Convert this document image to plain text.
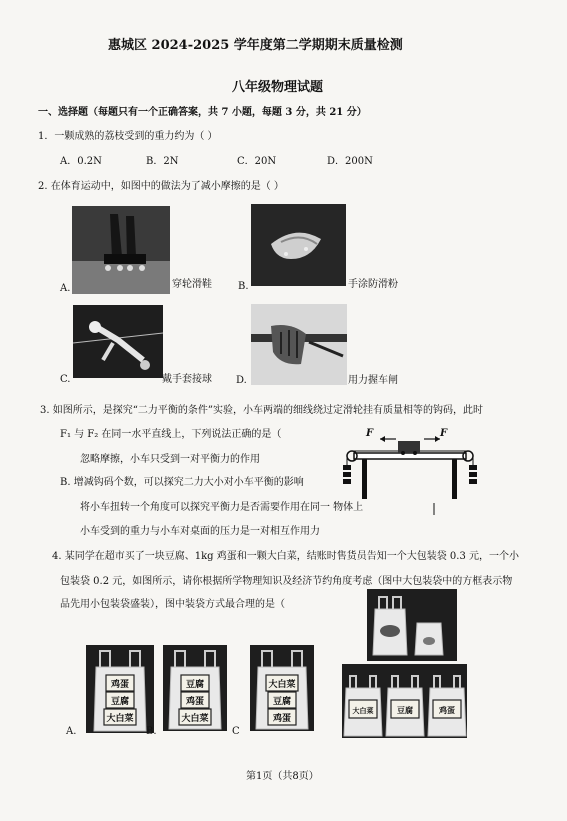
惠城区 2024-2025 学年度第二学期期末质量检测
八年级物理试题
一、选择题（每题只有一个正确答案，共 7 小题，每题 3 分，共 21 分）
1．一颗成熟的荔枝受到的重力约为（ ）
A．0.2N	B．2N	C．20N	D．200N
2. 在体育运动中，如图中的做法为了减小摩擦的是（ ）
A.	穿轮滑鞋	B.	手涂防滑粉
C.	戴手套接球 D.	用力握车闸
3. 如图所示，是探究“二力平衡的条件”实验，小车两端的细线绕过定滑轮挂有质量相等的钩码，此时
F₁ 与 F₂ 在同一水平直线上，下列说法正确的是（
忽略摩擦，小车只受到一对平衡力的作用
B. 增减钩码个数，可以探究二力大小对小车平衡的影响
将小车扭转一个角度可以探究平衡力是否需要作用在同一 物体上
小车受到的重力与小车对桌面的压力是一对相互作用力
F	F
4. 某同学在超市买了一块豆腐、1kg 鸡蛋和一颗大白菜，结账时售货员告知一个大包装袋 0.3 元，一个小
包装袋 0.2 元，如图所示，请你根据所学物理知识及经济节约角度考虑（图中大包装袋中的方框表示物
品先用小包装袋盛装），图中装袋方式最合理的是（
鸡蛋
豆腐
大白菜
A.
豆腐
鸡蛋
大白菜
B.
大白菜
豆腐
鸡蛋
C
大白菜	豆腐	鸡蛋
第1页（共8页）
